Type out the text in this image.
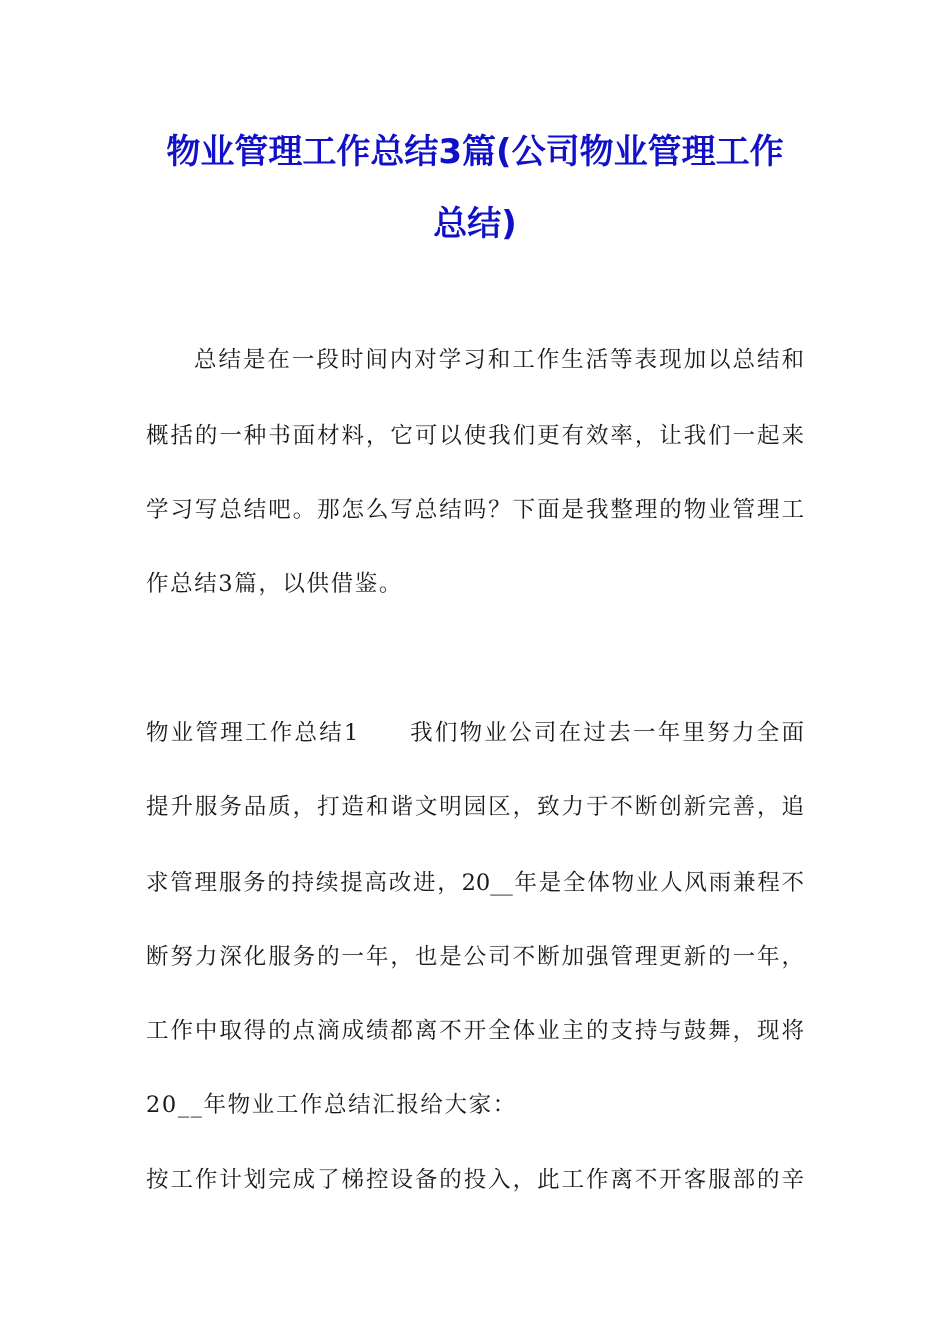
物业管理工作总结3篇(公司物业管理工作
总结)
总结是在一段时间内对学习和工作生活等表现加以总结和
概括的一种书面材料，它可以使我们更有效率，让我们一起来
学习写总结吧。那怎么写总结吗？下面是我整理的物业管理工
作总结3篇，以供借鉴。
物业管理工作总结1　　我们物业公司在过去一年里努力全面
提升服务品质，打造和谐文明园区，致力于不断创新完善，追
求管理服务的持续提高改进，20__年是全体物业人风雨兼程不
断努力深化服务的一年，也是公司不断加强管理更新的一年，
工作中取得的点滴成绩都离不开全体业主的支持与鼓舞，现将
20__年物业工作总结汇报给大家：
按工作计划完成了梯控设备的投入，此工作离不开客服部的辛
